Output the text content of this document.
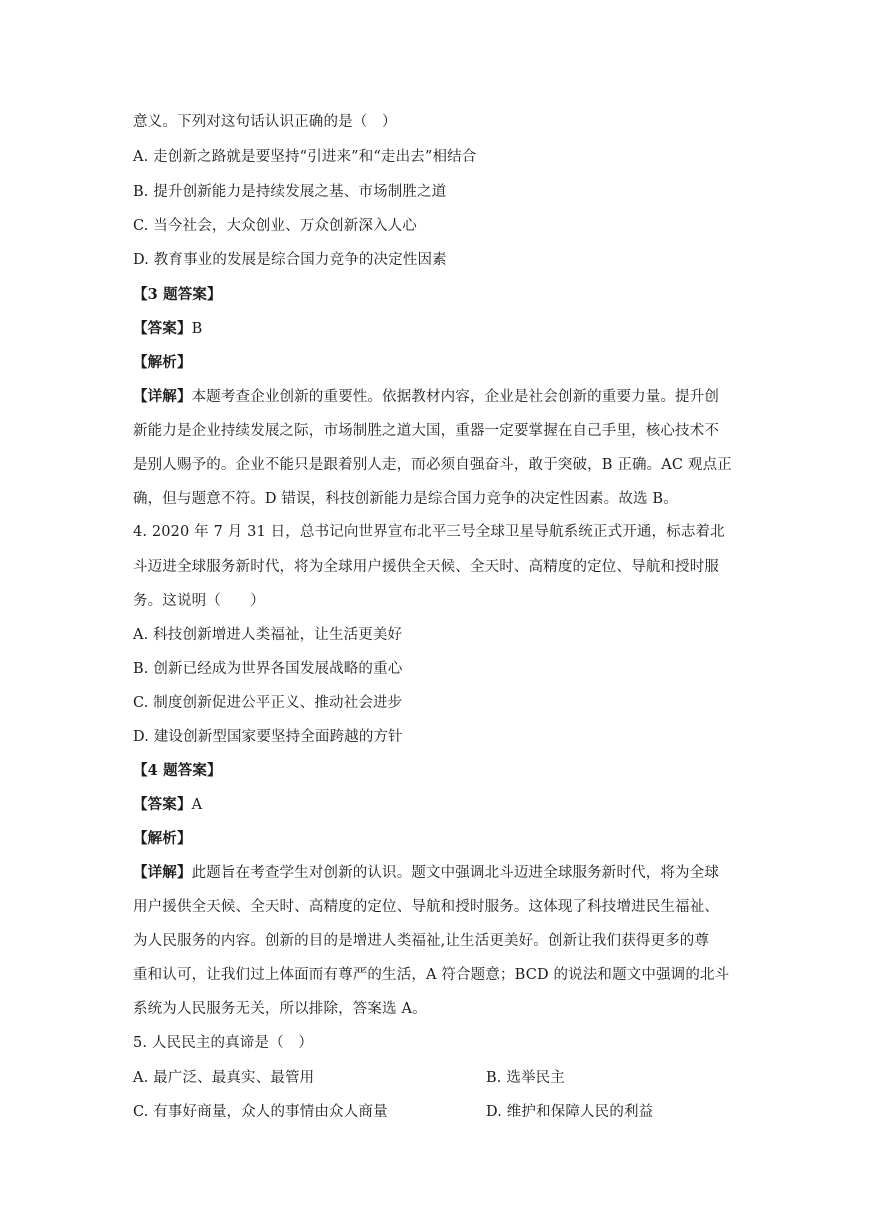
意义。下列对这句话认识正确的是（　）
A. 走创新之路就是要坚持“引进来”和“走出去”相结合
B. 提升创新能力是持续发展之基、市场制胜之道
C. 当今社会，大众创业、万众创新深入人心
D. 教育事业的发展是综合国力竞争的决定性因素
【3 题答案】
【答案】B
【解析】
【详解】本题考查企业创新的重要性。依据教材内容，企业是社会创新的重要力量。提升创
新能力是企业持续发展之际，市场制胜之道大国，重器一定要掌握在自己手里，核心技术不
是别人赐予的。企业不能只是跟着别人走，而必须自强奋斗，敢于突破，B 正确。AC 观点正
确，但与题意不符。D 错误，科技创新能力是综合国力竞争的决定性因素。故选 B。
4. 2020 年 7 月 31 日，总书记向世界宣布北平三号全球卫星导航系统正式开通，标志着北
斗迈进全球服务新时代，将为全球用户援供全天候、全天时、高精度的定位、导航和授时服
务。这说明（　　）
A. 科技创新增进人类福祉，让生活更美好
B. 创新已经成为世界各国发展战略的重心
C. 制度创新促进公平正义、推动社会进步
D. 建设创新型国家要坚持全面跨越的方针
【4 题答案】
【答案】A
【解析】
【详解】此题旨在考查学生对创新的认识。题文中强调北斗迈进全球服务新时代，将为全球
用户援供全天候、全天时、高精度的定位、导航和授时服务。这体现了科技增进民生福祉、
为人民服务的内容。创新的目的是增进人类福祉,让生活更美好。创新让我们获得更多的尊
重和认可，让我们过上体面而有尊严的生活，A 符合题意；BCD 的说法和题文中强调的北斗
系统为人民服务无关，所以排除，答案选 A。
5. 人民民主的真谛是（　）
A. 最广泛、最真实、最管用	B. 选举民主
C. 有事好商量，众人的事情由众人商量	D. 维护和保障人民的利益
